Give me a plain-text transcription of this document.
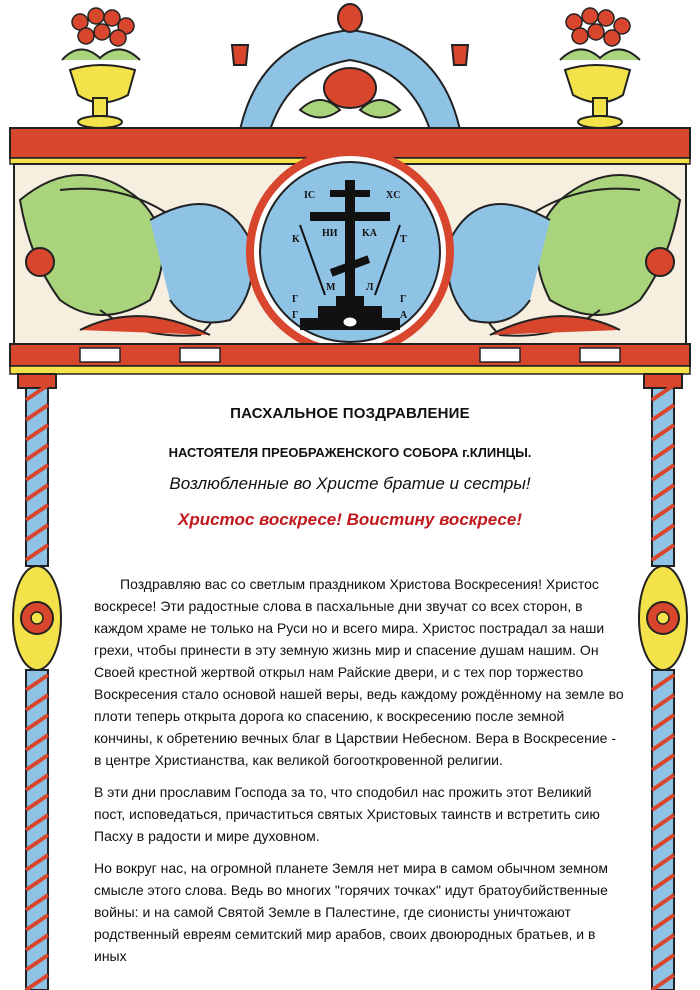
IC	XC
K	T
HИ KA
M	Л
Г
Г
Г
А
ПАСХАЛЬНОЕ ПОЗДРАВЛЕНИЕ
НАСТОЯТЕЛЯ ПРЕОБРАЖЕНСКОГО СОБОРА г.КЛИНЦЫ.

Возлюбленные во Христе братие и сестры!

Христос воскресе! Воистину воскресе!

Поздравляю вас со светлым праздником Христова Воскресения! Христос воскресе! Эти радостные слова в пасхальные дни звучат со всех сторон, в каждом храме не только на Руси но и всего мира. Христос пострадал за наши грехи, чтобы принести в эту земную жизнь мир и спасение душам нашим. Он Своей крестной жертвой открыл нам Райские двери, и с тех пор торжество Воскресения стало основой нашей веры, ведь каждому рождённому на земле во плоти теперь открыта дорога ко спасению, к воскресению после земной кончины, к обретению вечных благ в Царствии Небесном. Вера в Воскресение - в центре Христианства, как великой богооткровенной религии.

В эти дни прославим Господа за то, что сподобил нас прожить этот Великий пост, исповедаться, причаститься святых Христовых таинств и встретить сию Пасху в радости и мире духовном.

Но вокруг нас, на огромной планете Земля нет мира в самом обычном земном смысле этого слова. Ведь во многих "горячих точках" идут братоубийственные войны: и на самой Святой Земле в Палестине, где сионисты уничтожают родственный евреям семитский мир арабов, своих двоюродных братьев, и в иных
